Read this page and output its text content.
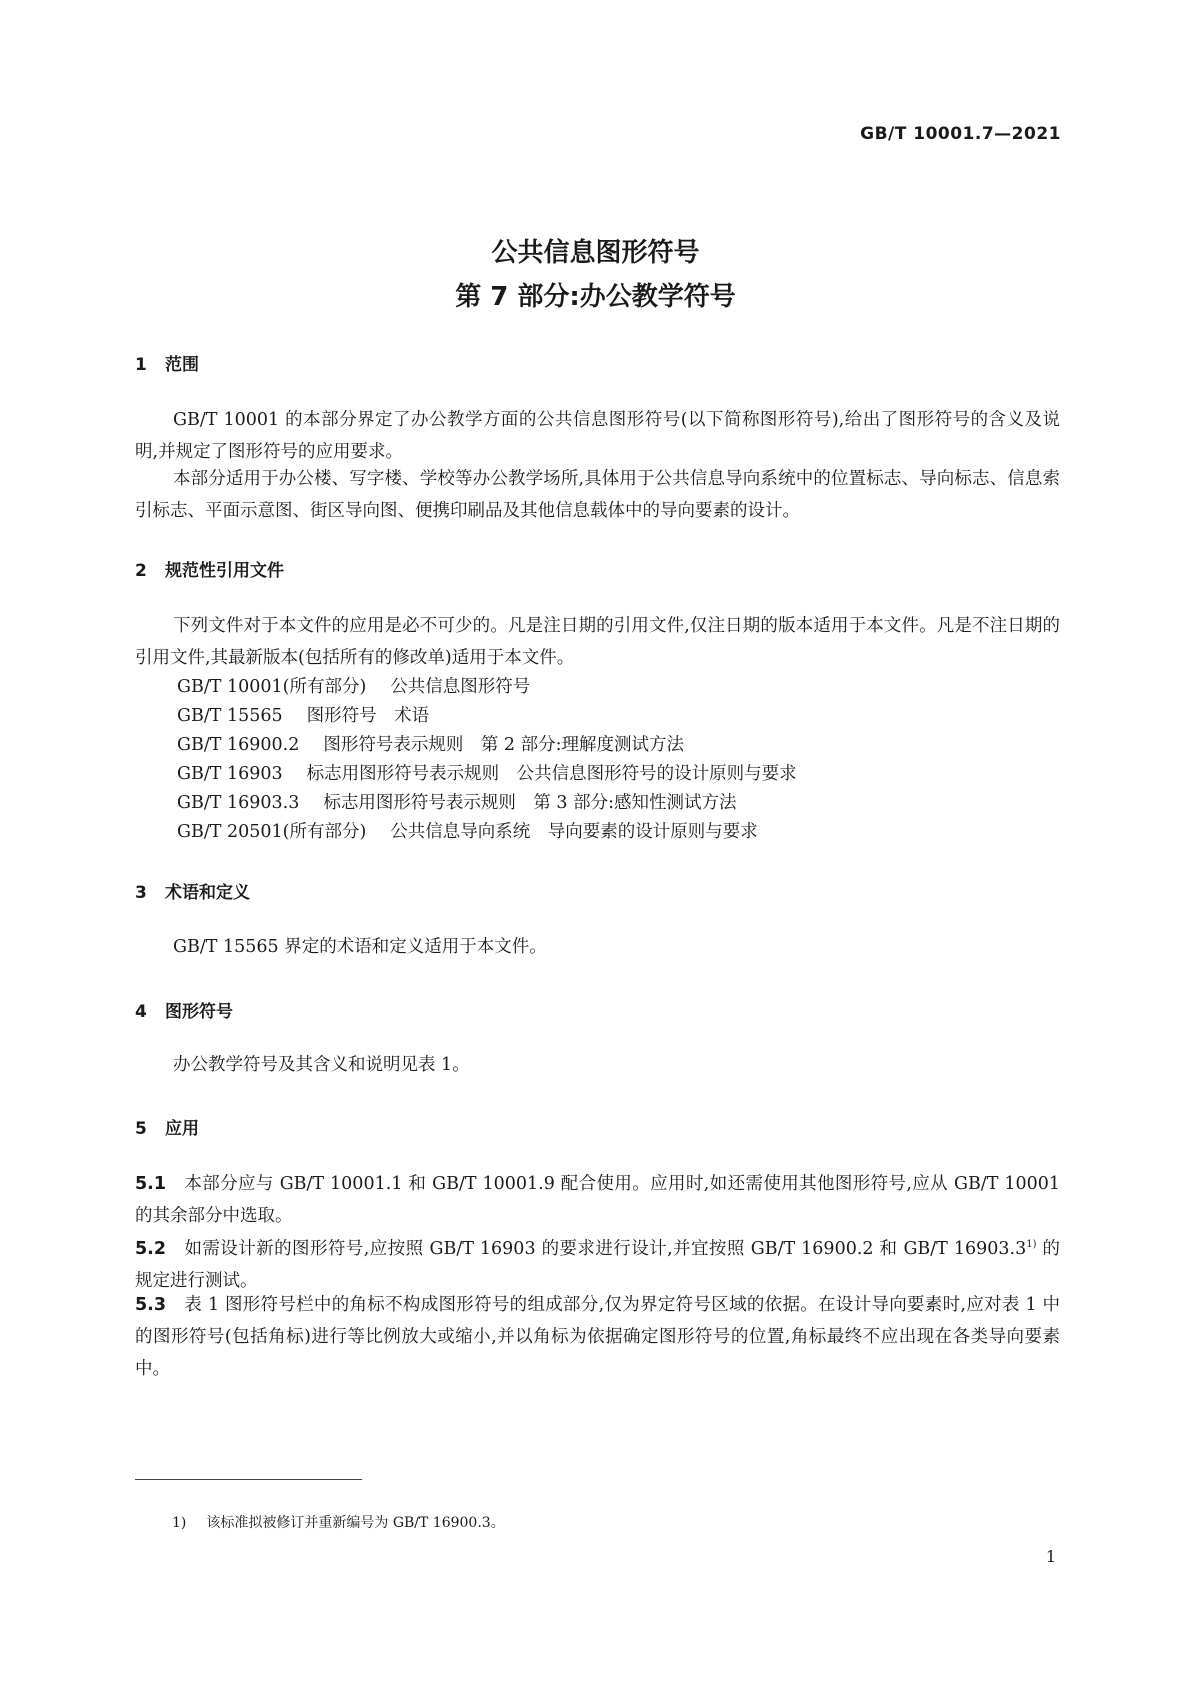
GB/T 10001.7—2021
公共信息图形符号
第 7 部分:办公教学符号
1 范围
GB/T 10001 的本部分界定了办公教学方面的公共信息图形符号(以下简称图形符号),给出了图形符号的含义及说明,并规定了图形符号的应用要求。
本部分适用于办公楼、写字楼、学校等办公教学场所,具体用于公共信息导向系统中的位置标志、导向标志、信息索引标志、平面示意图、街区导向图、便携印刷品及其他信息载体中的导向要素的设计。
2 规范性引用文件
下列文件对于本文件的应用是必不可少的。凡是注日期的引用文件,仅注日期的版本适用于本文件。凡是不注日期的引用文件,其最新版本(包括所有的修改单)适用于本文件。
GB/T 10001(所有部分) 公共信息图形符号
GB/T 15565 图形符号　术语
GB/T 16900.2 图形符号表示规则　第 2 部分:理解度测试方法
GB/T 16903 标志用图形符号表示规则　公共信息图形符号的设计原则与要求
GB/T 16903.3 标志用图形符号表示规则　第 3 部分:感知性测试方法
GB/T 20501(所有部分) 公共信息导向系统　导向要素的设计原则与要求
3 术语和定义
GB/T 15565 界定的术语和定义适用于本文件。
4 图形符号
办公教学符号及其含义和说明见表 1。
5 应用
5.1 本部分应与 GB/T 10001.1 和 GB/T 10001.9 配合使用。应用时,如还需使用其他图形符号,应从 GB/T 10001 的其余部分中选取。
5.2 如需设计新的图形符号,应按照 GB/T 16903 的要求进行设计,并宜按照 GB/T 16900.2 和 GB/T 16903.3$^{1)}$ 的规定进行测试。
5.3 表 1 图形符号栏中的角标不构成图形符号的组成部分,仅为界定符号区域的依据。在设计导向要素时,应对表 1 中的图形符号(包括角标)进行等比例放大或缩小,并以角标为依据确定图形符号的位置,角标最终不应出现在各类导向要素中。
1) 该标准拟被修订并重新编号为 GB/T 16900.3。
1
